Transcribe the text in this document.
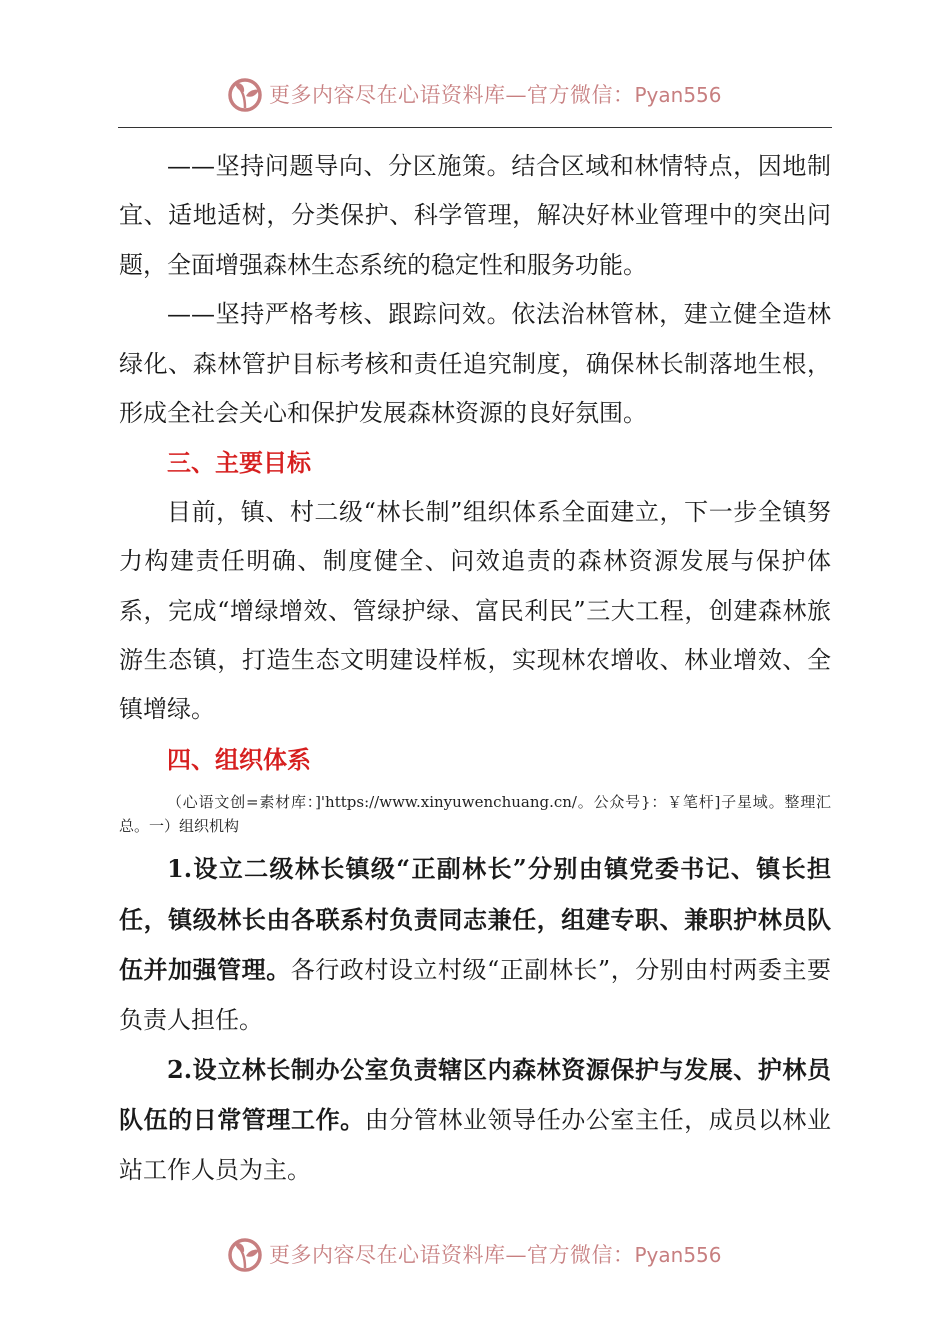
更多内容尽在心语资料库—官方微信：Pyan556

——坚持问题导向、分区施策。结合区域和林情特点，因地制宜、适地适树，分类保护、科学管理，解决好林业管理中的突出问题，全面增强森林生态系统的稳定性和服务功能。

——坚持严格考核、跟踪问效。依法治林管林，建立健全造林绿化、森林管护目标考核和责任追究制度，确保林长制落地生根，形成全社会关心和保护发展森林资源的良好氛围。

三、主要目标

目前，镇、村二级“林长制”组织体系全面建立，下一步全镇努力构建责任明确、制度健全、问效追责的森林资源发展与保护体系，完成“增绿增效、管绿护绿、富民利民”三大工程，创建森林旅游生态镇，打造生态文明建设样板，实现林农增收、林业增效、全镇增绿。

四、组织体系

（心语文创=素材库：]'https://www.xinyuwenchuang.cn/。公众号}：￥笔杆]子星域。整理汇总。一）组织机构

1.设立二级林长镇级“正副林长”分别由镇党委书记、镇长担任，镇级林长由各联系村负责同志兼任，组建专职、兼职护林员队伍并加强管理。各行政村设立村级“正副林长”，分别由村两委主要负责人担任。

2.设立林长制办公室负责辖区内森林资源保护与发展、护林员队伍的日常管理工作。由分管林业领导任办公室主任，成员以林业站工作人员为主。

更多内容尽在心语资料库—官方微信：Pyan556
